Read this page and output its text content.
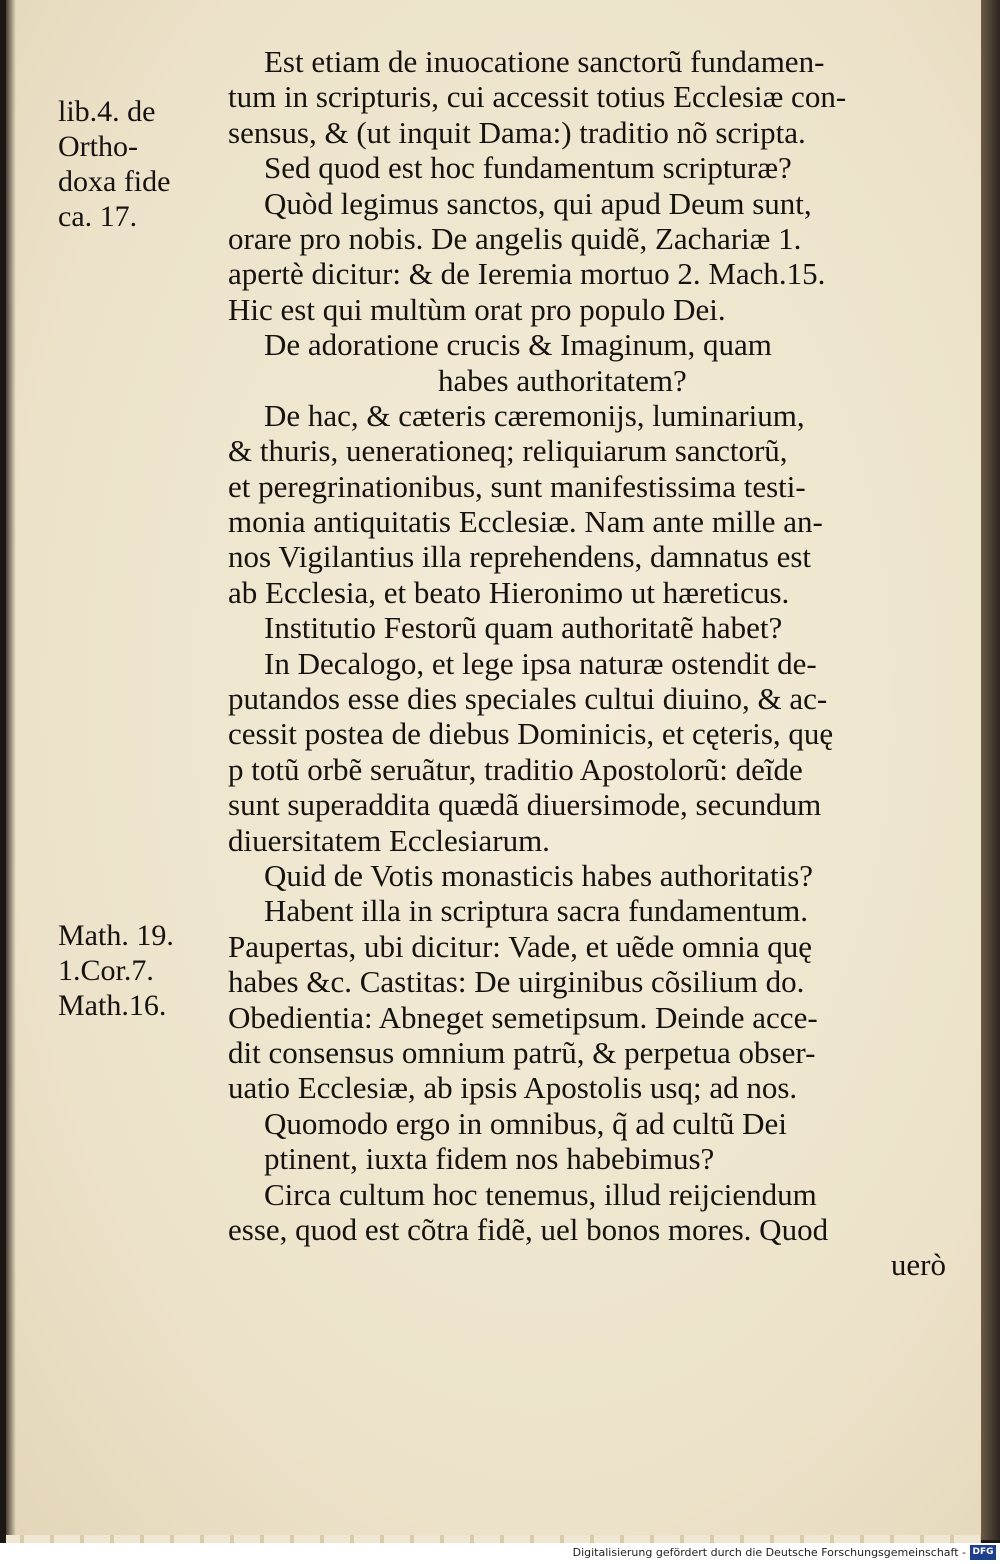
lib.4. de
Ortho-
doxa fide
ca. 17.
Math. 19.
1.Cor.7.
Math.16.
Est etiam de inuocatione sanctorũ fundamen-
tum in scripturis, cui accessit totius Ecclesiæ con-
sensus, & (ut inquit Dama:) traditio nõ scripta.
Sed quod est hoc fundamentum scripturæ?
Quòd legimus sanctos, qui apud Deum sunt,
orare pro nobis. De angelis quidẽ, Zachariæ 1.
apertè dicitur: & de Ieremia mortuo 2. Mach.15.
Hic est qui multùm orat pro populo Dei.
De adoratione crucis & Imaginum, quam
habes authoritatem?
De hac, & cæteris cæremonijs, luminarium,
& thuris, uenerationeq; reliquiarum sanctorũ,
et peregrinationibus, sunt manifestissima testi-
monia antiquitatis Ecclesiæ. Nam ante mille an-
nos Vigilantius illa reprehendens, damnatus est
ab Ecclesia, et beato Hieronimo ut hæreticus.
Institutio Festorũ quam authoritatẽ habet?
In Decalogo, et lege ipsa naturæ ostendit de-
putandos esse dies speciales cultui diuino, & ac-
cessit postea de diebus Dominicis, et cęteris, quę
p totũ orbẽ seruãtur, traditio Apostolorũ: deĩde
sunt superaddita quædã diuersimode, secundum
diuersitatem Ecclesiarum.
Quid de Votis monasticis habes authoritatis?
Habent illa in scriptura sacra fundamentum.
Paupertas, ubi dicitur: Vade, et uẽde omnia quę
habes &c. Castitas: De uirginibus cõsilium do.
Obedientia: Abneget semetipsum. Deinde acce-
dit consensus omnium patrũ, & perpetua obser-
uatio Ecclesiæ, ab ipsis Apostolis usq; ad nos.
Quomodo ergo in omnibus, q̃ ad cultũ Dei
ptinent, iuxta fidem nos habebimus?
Circa cultum hoc tenemus, illud reijciendum
esse, quod est cõtra fidẽ, uel bonos mores. Quod
uerò
Digitalisierung gefördert durch die Deutsche Forschungsgemeinschaft - DFG
